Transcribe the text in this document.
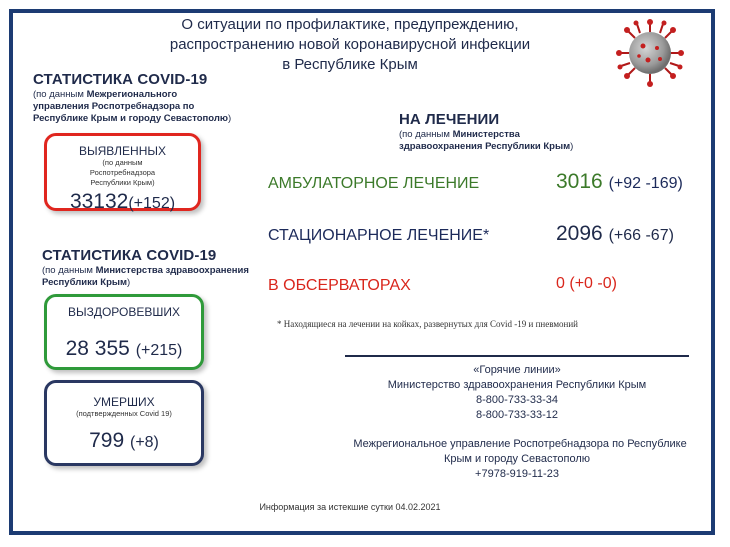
О ситуации по профилактике, предупреждению,
распространению новой коронавирусной инфекции
в Республике Крым
СТАТИСТИКА COVID-19
(по данным Межрегионального управления Роспотребнадзора по Республике Крым и городу Севастополю)
ВЫЯВЛЕННЫХ
(по данным Роспотребнадзора Республики Крым)
33132(+152)
СТАТИСТИКА COVID-19
(по данным Министерства здравоохранения Республики Крым)
ВЫЗДОРОВЕВШИХ
28 355 (+215)
УМЕРШИХ
(подтвержденных Covid 19)
799 (+8)
НА ЛЕЧЕНИИ
(по данным Министерства здравоохранения Республики Крым)
АМБУЛАТОРНОЕ ЛЕЧЕНИЕ	3016 (+92 -169)
СТАЦИОНАРНОЕ ЛЕЧЕНИЕ*	2096 (+66 -67)
В ОБСЕРВАТОРАХ	0 (+0 -0)
* Находящиеся на лечении на койках, развернутых для Covid -19 и пневмоний
«Горячие линии»
Министерство здравоохранения Республики Крым
8-800-733-33-34
8-800-733-33-12
Межрегиональное управление Роспотребнадзора по Республике
Крым и городу Севастополю
+7978-919-11-23
Информация за истекшие сутки 04.02.2021
